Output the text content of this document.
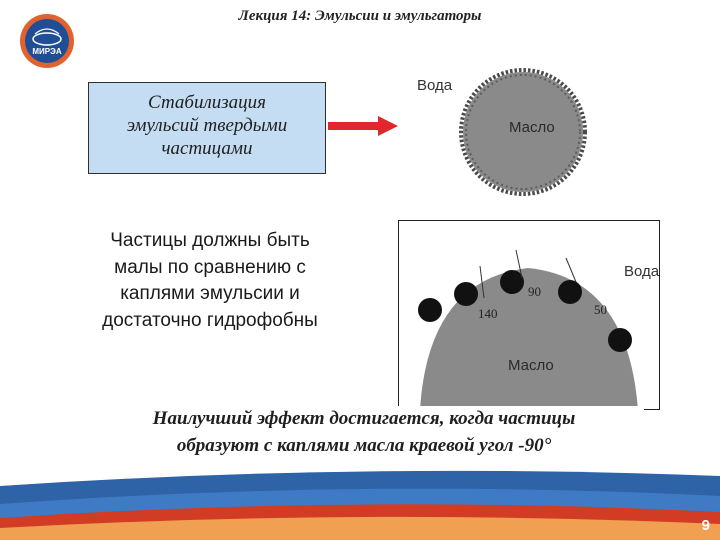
Лекция 14: Эмульсии и эмульгаторы
МИРЭА
Стабилизация
эмульсий твердыми
частицами
Частицы должны быть
малы по сравнению с
каплями эмульсии и
достаточно гидрофобны
Вода
Масло
Вода
Масло
140
90
50
Наилучший эффект достигается, когда частицы
образуют с каплями масла краевой угол -90°
9
